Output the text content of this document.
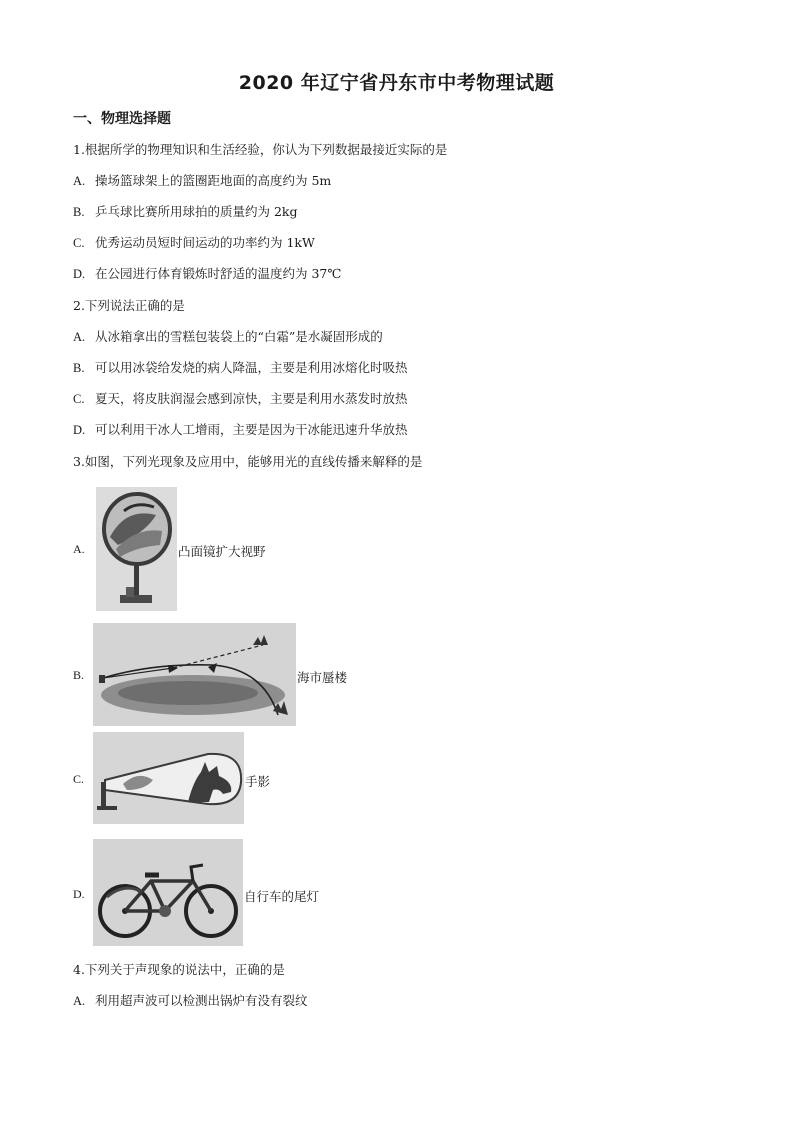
2020 年辽宁省丹东市中考物理试题
一、物理选择题
1.根据所学的物理知识和生活经验，你认为下列数据最接近实际的是
A. 操场篮球架上的篮圈距地面的高度约为 5m
B. 乒乓球比赛所用球拍的质量约为 2kg
C. 优秀运动员短时间运动的功率约为 1kW
D. 在公园进行体育锻炼时舒适的温度约为 37℃
2.下列说法正确的是
A. 从冰箱拿出的雪糕包装袋上的“白霜”是水凝固形成的
B. 可以用冰袋给发烧的病人降温，主要是利用冰熔化时吸热
C. 夏天，将皮肤润湿会感到凉快，主要是利用水蒸发时放热
D. 可以利用干冰人工增雨，主要是因为干冰能迅速升华放热
3.如图，下列光现象及应用中，能够用光的直线传播来解释的是
A.	凸面镜扩大视野
B.	海市蜃楼
C.	手影
D.	自行车的尾灯
4.下列关于声现象的说法中，正确的是
A. 利用超声波可以检测出锅炉有没有裂纹
